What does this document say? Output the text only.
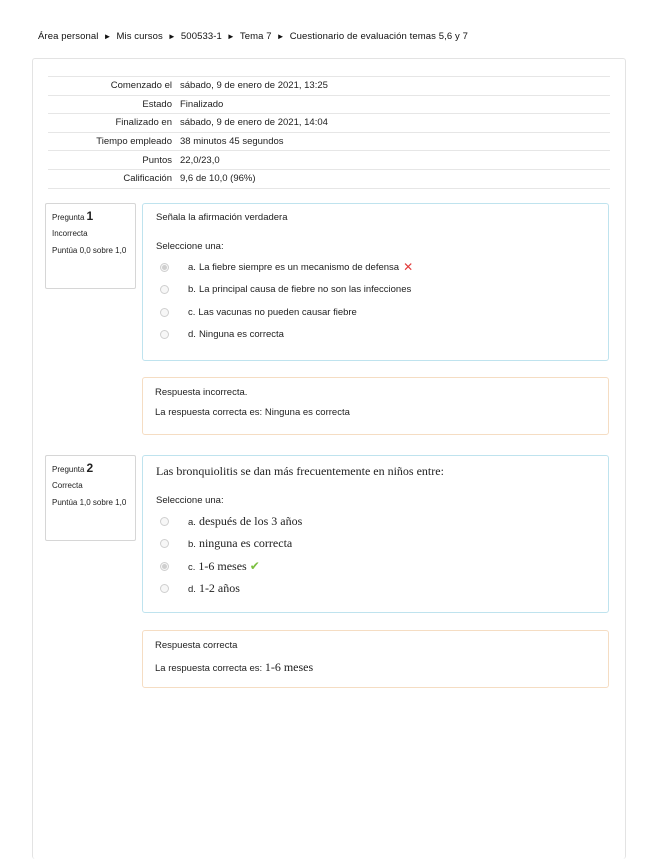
Área personal ► Mis cursos ► 500533-1 ► Tema 7 ► Cuestionario de evaluación temas 5,6 y 7
Comenzado el	sábado, 9 de enero de 2021, 13:25
Estado	Finalizado
Finalizado en	sábado, 9 de enero de 2021, 14:04
Tiempo empleado	38 minutos 45 segundos
Puntos	22,0/23,0
Calificación	9,6 de 10,0 (96%)
Pregunta 1
Incorrecta
Puntúa 0,0 sobre 1,0
Señala la afirmación verdadera
Seleccione una:
a. La fiebre siempre es un mecanismo de defensa ✕
b. La principal causa de fiebre no son las infecciones
c. Las vacunas no pueden causar fiebre
d. Ninguna es correcta
Respuesta incorrecta.
La respuesta correcta es: Ninguna es correcta
Pregunta 2
Correcta
Puntúa 1,0 sobre 1,0
Las bronquiolitis se dan más frecuentemente en niños entre:
Seleccione una:
a. después de los 3 años
b. ninguna es correcta
c. 1-6 meses ✔
d. 1-2 años
Respuesta correcta
La respuesta correcta es: 1-6 meses
